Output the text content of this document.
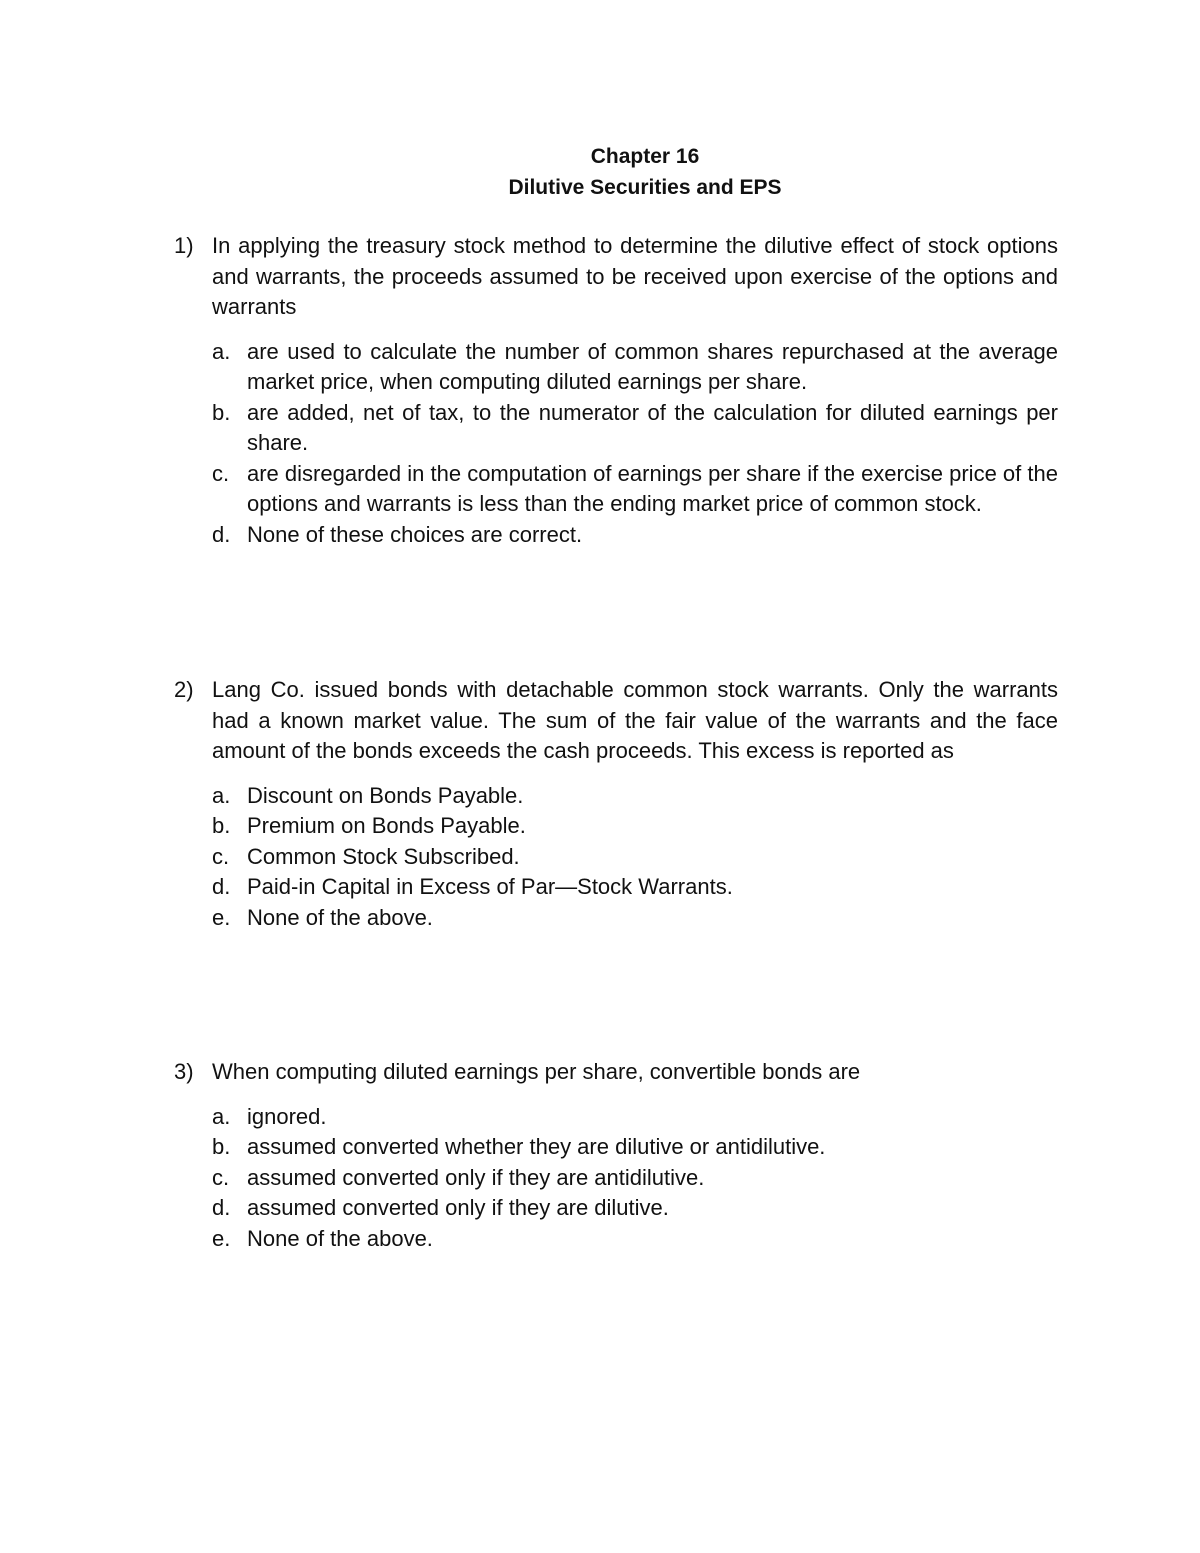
Chapter 16
Dilutive Securities and EPS
1) In applying the treasury stock method to determine the dilutive effect of stock options and warrants, the proceeds assumed to be received upon exercise of the options and warrants
a. are used to calculate the number of common shares repurchased at the average market price, when computing diluted earnings per share.
b. are added, net of tax, to the numerator of the calculation for diluted earnings per share.
c. are disregarded in the computation of earnings per share if the exercise price of the options and warrants is less than the ending market price of common stock.
d. None of these choices are correct.
2) Lang Co. issued bonds with detachable common stock warrants. Only the warrants had a known market value. The sum of the fair value of the warrants and the face amount of the bonds exceeds the cash proceeds. This excess is reported as
a. Discount on Bonds Payable.
b. Premium on Bonds Payable.
c. Common Stock Subscribed.
d. Paid-in Capital in Excess of Par—Stock Warrants.
e. None of the above.
3) When computing diluted earnings per share, convertible bonds are
a. ignored.
b. assumed converted whether they are dilutive or antidilutive.
c. assumed converted only if they are antidilutive.
d. assumed converted only if they are dilutive.
e. None of the above.
